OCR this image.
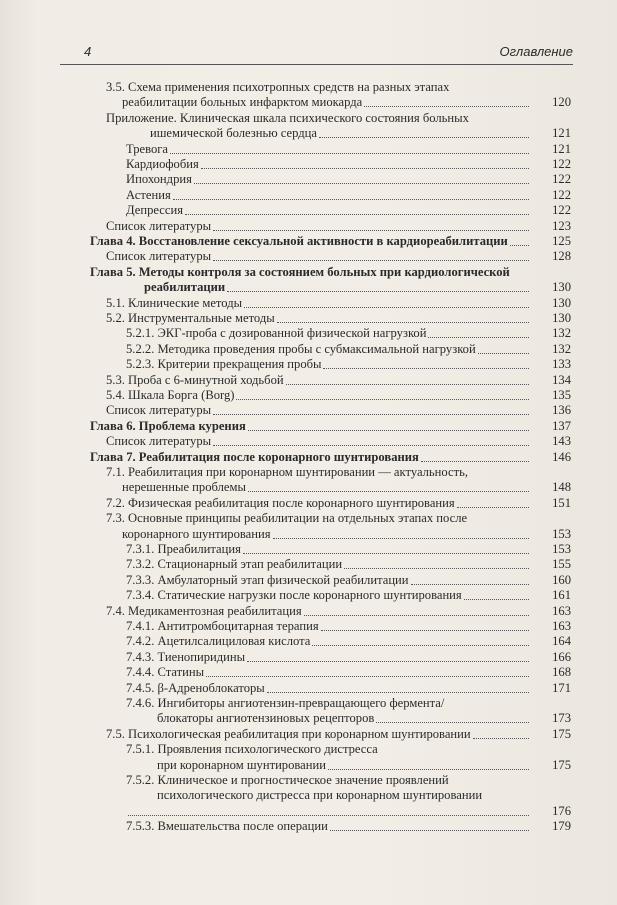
4	Оглавление
3.5. Схема применения психотропных средств на разных этапах
реабилитации больных инфарктом миокарда	120
Приложение. Клиническая шкала психического состояния больных
ишемической болезнью сердца	121
Тревога	121
Кардиофобия	122
Ипохондрия	122
Астения	122
Депрессия	122
Список литературы	123
Глава 4. Восстановление сексуальной активности в кардиореабилитации	125
Список литературы	128
Глава 5. Методы контроля за состоянием больных при кардиологической
реабилитации	130
5.1. Клинические методы	130
5.2. Инструментальные методы	130
5.2.1. ЭКГ-проба с дозированной физической нагрузкой	132
5.2.2. Методика проведения пробы с субмаксимальной нагрузкой	132
5.2.3. Критерии прекращения пробы	133
5.3. Проба с 6-минутной ходьбой	134
5.4. Шкала Борга (Borg)	135
Список литературы	136
Глава 6. Проблема курения	137
Список литературы	143
Глава 7. Реабилитация после коронарного шунтирования	146
7.1. Реабилитация при коронарном шунтировании — актуальность,
нерешенные проблемы	148
7.2. Физическая реабилитация после коронарного шунтирования	151
7.3. Основные принципы реабилитации на отдельных этапах после
коронарного шунтирования	153
7.3.1. Преабилитация	153
7.3.2. Стационарный этап реабилитации	155
7.3.3. Амбулаторный этап физической реабилитации	160
7.3.4. Статические нагрузки после коронарного шунтирования	161
7.4. Медикаментозная реабилитация	163
7.4.1. Антитромбоцитарная терапия	163
7.4.2. Ацетилсалициловая кислота	164
7.4.3. Тиенопиридины	166
7.4.4. Статины	168
7.4.5. β-Адреноблокаторы	171
7.4.6. Ингибиторы ангиотензин-превращающего фермента/
блокаторы ангиотензиновых рецепторов	173
7.5. Психологическая реабилитация при коронарном шунтировании	175
7.5.1. Проявления психологического дистресса
при коронарном шунтировании	175
7.5.2. Клиническое и прогностическое значение проявлений
психологического дистресса при коронарном шунтировании
176
7.5.3. Вмешательства после операции	179
